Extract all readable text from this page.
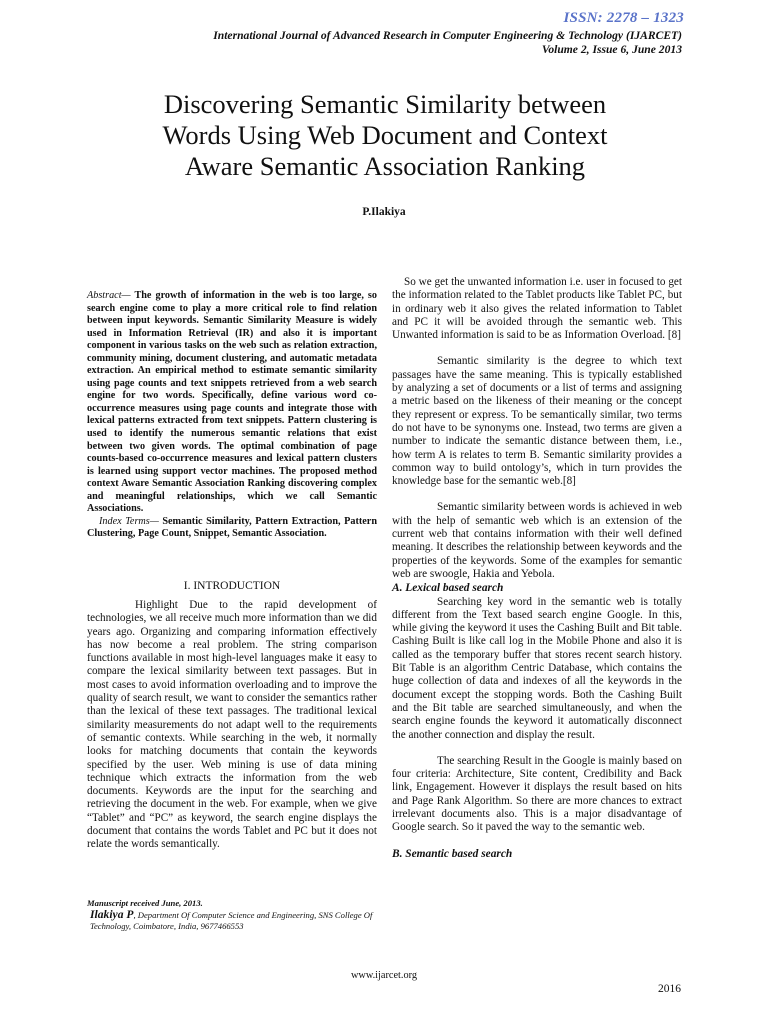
ISSN: 2278 – 1323
International Journal of Advanced Research in Computer Engineering & Technology (IJARCET)
Volume 2, Issue 6, June 2013
Discovering Semantic Similarity between
Words Using Web Document and Context
Aware Semantic Association Ranking
P.Ilakiya

Abstract— The growth of information in the web is too large, so search engine come to play a more critical role to find relation between input keywords. Semantic Similarity Measure is widely used in Information Retrieval (IR) and also it is important component in various tasks on the web such as relation extraction, community mining, document clustering, and automatic metadata extraction. An empirical method to estimate semantic similarity using page counts and text snippets retrieved from a web search engine for two words. Specifically, define various word co-occurrence measures using page counts and integrate those with lexical patterns extracted from text snippets. Pattern clustering is used to identify the numerous semantic relations that exist between two given words. The optimal combination of page counts-based co-occurrence measures and lexical pattern clusters is learned using support vector machines. The proposed method context Aware Semantic Association Ranking discovering complex and meaningful relationships, which we call Semantic Associations.

Index Terms— Semantic Similarity, Pattern Extraction, Pattern Clustering, Page Count, Snippet, Semantic Association.

I. INTRODUCTION

Highlight Due to the rapid development of technologies, we all receive much more information than we did years ago. Organizing and comparing information effectively has now become a real problem. The string comparison functions available in most high-level languages make it easy to compare the lexical similarity between text passages. But in most cases to avoid information overloading and to improve the quality of search result, we want to consider the semantics rather than the lexical of these text passages. The traditional lexical similarity measurements do not adapt well to the requirements of semantic contexts. While searching in the web, it normally looks for matching documents that contain the keywords specified by the user. Web mining is use of data mining technique which extracts the information from the web documents. Keywords are the input for the searching and retrieving the document in the web. For example, when we give “Tablet” and “PC” as keyword, the search engine displays the document that contains the words Tablet and PC but it does not relate the words semantically.

Manuscript received June, 2013.
Ilakiya P, Department Of Computer Science and Engineering, SNS College Of Technology, Coimbatore, India, 9677466553

So we get the unwanted information i.e. user in focused to get the information related to the Tablet products like Tablet PC, but in ordinary web it also gives the related information to Tablet and PC it will be avoided through the semantic web. This Unwanted information is said to be as Information Overload. [8]

Semantic similarity is the degree to which text passages have the same meaning. This is typically established by analyzing a set of documents or a list of terms and assigning a metric based on the likeness of their meaning or the concept they represent or express. To be semantically similar, two terms do not have to be synonyms one. Instead, two terms are given a number to indicate the semantic distance between them, i.e., how term A is relates to term B. Semantic similarity provides a common way to build ontology’s, which in turn provides the knowledge base for the semantic web.[8]

Semantic similarity between words is achieved in web with the help of semantic web which is an extension of the current web that contains information with their well defined meaning. It describes the relationship between keywords and the properties of the keywords. Some of the examples for semantic web are swoogle, Hakia and Yebola.

A. Lexical based search

Searching key word in the semantic web is totally different from the Text based search engine Google. In this, while giving the keyword it uses the Cashing Built and Bit table. Cashing Built is like call log in the Mobile Phone and also it is called as the temporary buffer that stores recent search history. Bit Table is an algorithm Centric Database, which contains the huge collection of data and indexes of all the keywords in the document except the stopping words. Both the Cashing Built and the Bit table are searched simultaneously, and when the search engine founds the keyword it automatically disconnect the another connection and display the result.

The searching Result in the Google is mainly based on four criteria: Architecture, Site content, Credibility and Back link, Engagement. However it displays the result based on hits and Page Rank Algorithm. So there are more chances to extract irrelevant documents also. This is a major disadvantage of Google search. So it paved the way to the semantic web.

B. Semantic based search

www.ijarcet.org
2016
